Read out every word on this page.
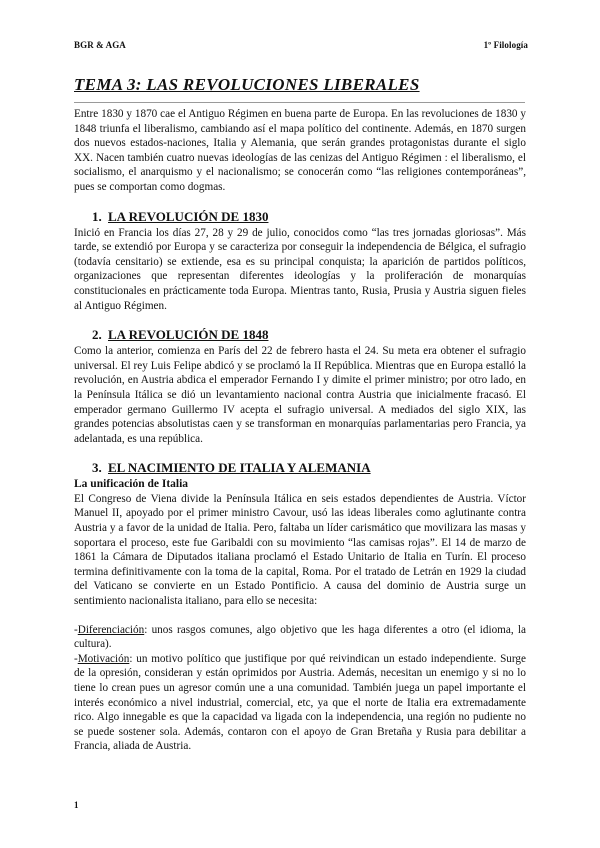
BGR & AGA	1º Filología
TEMA 3: LAS REVOLUCIONES LIBERALES

Entre 1830 y 1870 cae el Antiguo Régimen en buena parte de Europa. En las revoluciones de 1830 y 1848 triunfa el liberalismo, cambiando así el mapa político del continente. Además, en 1870 surgen dos nuevos estados-naciones, Italia y Alemania, que serán grandes protagonistas durante el siglo XX. Nacen también cuatro nuevas ideologías de las cenizas del Antiguo Régimen : el liberalismo, el socialismo, el anarquismo y el nacionalismo; se conocerán como “las religiones contemporáneas”, pues se comportan como dogmas.

1. LA REVOLUCIÓN DE 1830

Inició en Francia los días 27, 28 y 29 de julio, conocidos como “las tres jornadas gloriosas”. Más tarde, se extendió por Europa y se caracteriza por conseguir la independencia de Bélgica, el sufragio (todavía censitario) se extiende, esa es su principal conquista; la aparición de partidos políticos, organizaciones que representan diferentes ideologías y la proliferación de monarquías constitucionales en prácticamente toda Europa. Mientras tanto, Rusia, Prusia y Austria siguen fieles al Antiguo Régimen.

2. LA REVOLUCIÓN DE 1848

Como la anterior, comienza en París del 22 de febrero hasta el 24. Su meta era obtener el sufragio universal. El rey Luis Felipe abdicó y se proclamó la II República. Mientras que en Europa estalló la revolución, en Austria abdica el emperador Fernando I y dimite el primer ministro; por otro lado, en la Península Itálica se dió un levantamiento nacional contra Austria que inicialmente fracasó. El emperador germano Guillermo IV acepta el sufragio universal. A mediados del siglo XIX, las grandes potencias absolutistas caen y se transforman en monarquías parlamentarias pero Francia, ya adelantada, es una república.

3. EL NACIMIENTO DE ITALIA Y ALEMANIA
La unificación de Italia

El Congreso de Viena divide la Península Itálica en seis estados dependientes de Austria. Víctor Manuel II, apoyado por el primer ministro Cavour, usó las ideas liberales como aglutinante contra Austria y a favor de la unidad de Italia. Pero, faltaba un líder carismático que movilizara las masas y soportara el proceso, este fue Garibaldi con su movimiento “las camisas rojas”. El 14 de marzo de 1861 la Cámara de Diputados italiana proclamó el Estado Unitario de Italia en Turín. El proceso termina definitivamente con la toma de la capital, Roma. Por el tratado de Letrán en 1929 la ciudad del Vaticano se convierte en un Estado Pontificio. A causa del dominio de Austria surge un sentimiento nacionalista italiano, para ello se necesita:

-Diferenciación: unos rasgos comunes, algo objetivo que les haga diferentes a otro (el idioma, la cultura).

-Motivación: un motivo político que justifique por qué reivindican un estado independiente. Surge de la opresión, consideran y están oprimidos por Austria. Además, necesitan un enemigo y si no lo tiene lo crean pues un agresor común une a una comunidad. También juega un papel importante el interés económico a nivel industrial, comercial, etc, ya que el norte de Italia era extremadamente rico. Algo innegable es que la capacidad va ligada con la independencia, una región no pudiente no se puede sostener sola. Además, contaron con el apoyo de Gran Bretaña y Rusia para debilitar a Francia, aliada de Austria.

1
